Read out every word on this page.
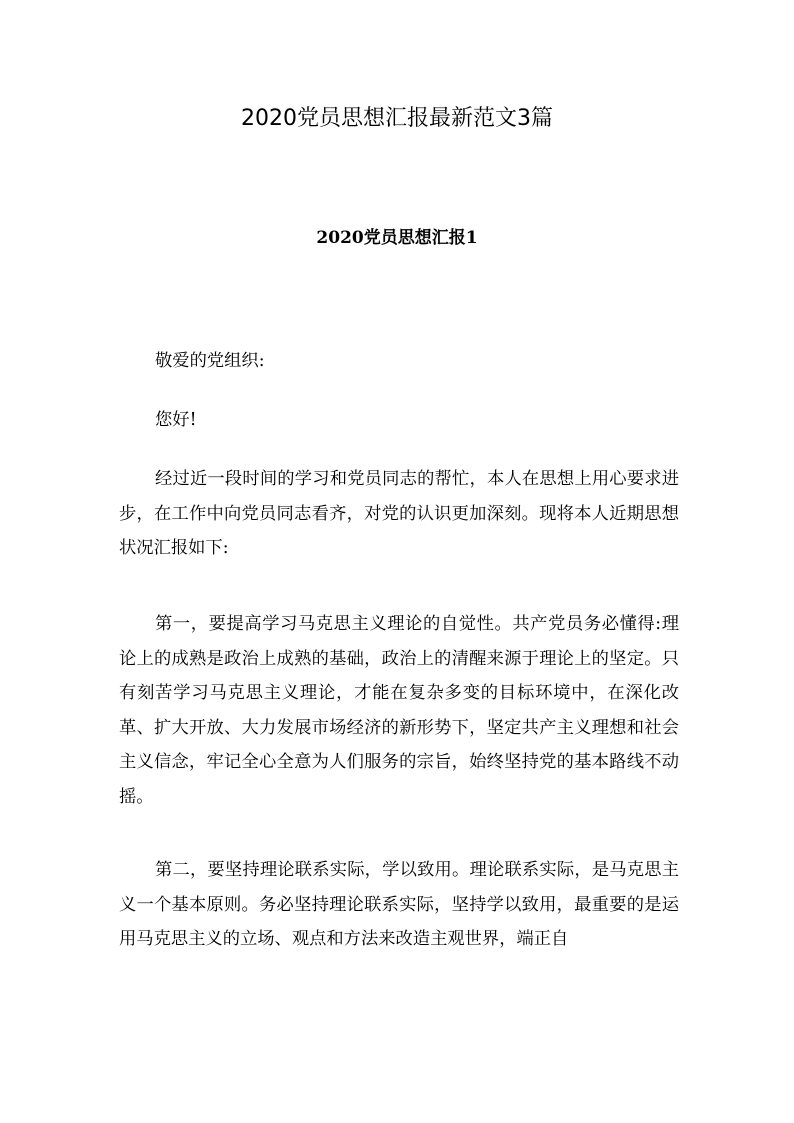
2020党员思想汇报最新范文3篇
2020党员思想汇报1
敬爱的党组织:
您好!
经过近一段时间的学习和党员同志的帮忙，本人在思想上用心要求进步，在工作中向党员同志看齐，对党的认识更加深刻。现将本人近期思想状况汇报如下:
第一，要提高学习马克思主义理论的自觉性。共产党员务必懂得:理论上的成熟是政治上成熟的基础，政治上的清醒来源于理论上的坚定。只有刻苦学习马克思主义理论，才能在复杂多变的目标环境中，在深化改革、扩大开放、大力发展市场经济的新形势下，坚定共产主义理想和社会主义信念，牢记全心全意为人们服务的宗旨，始终坚持党的基本路线不动摇。
第二，要坚持理论联系实际，学以致用。理论联系实际，是马克思主义一个基本原则。务必坚持理论联系实际，坚持学以致用，最重要的是运用马克思主义的立场、观点和方法来改造主观世界，端正自
